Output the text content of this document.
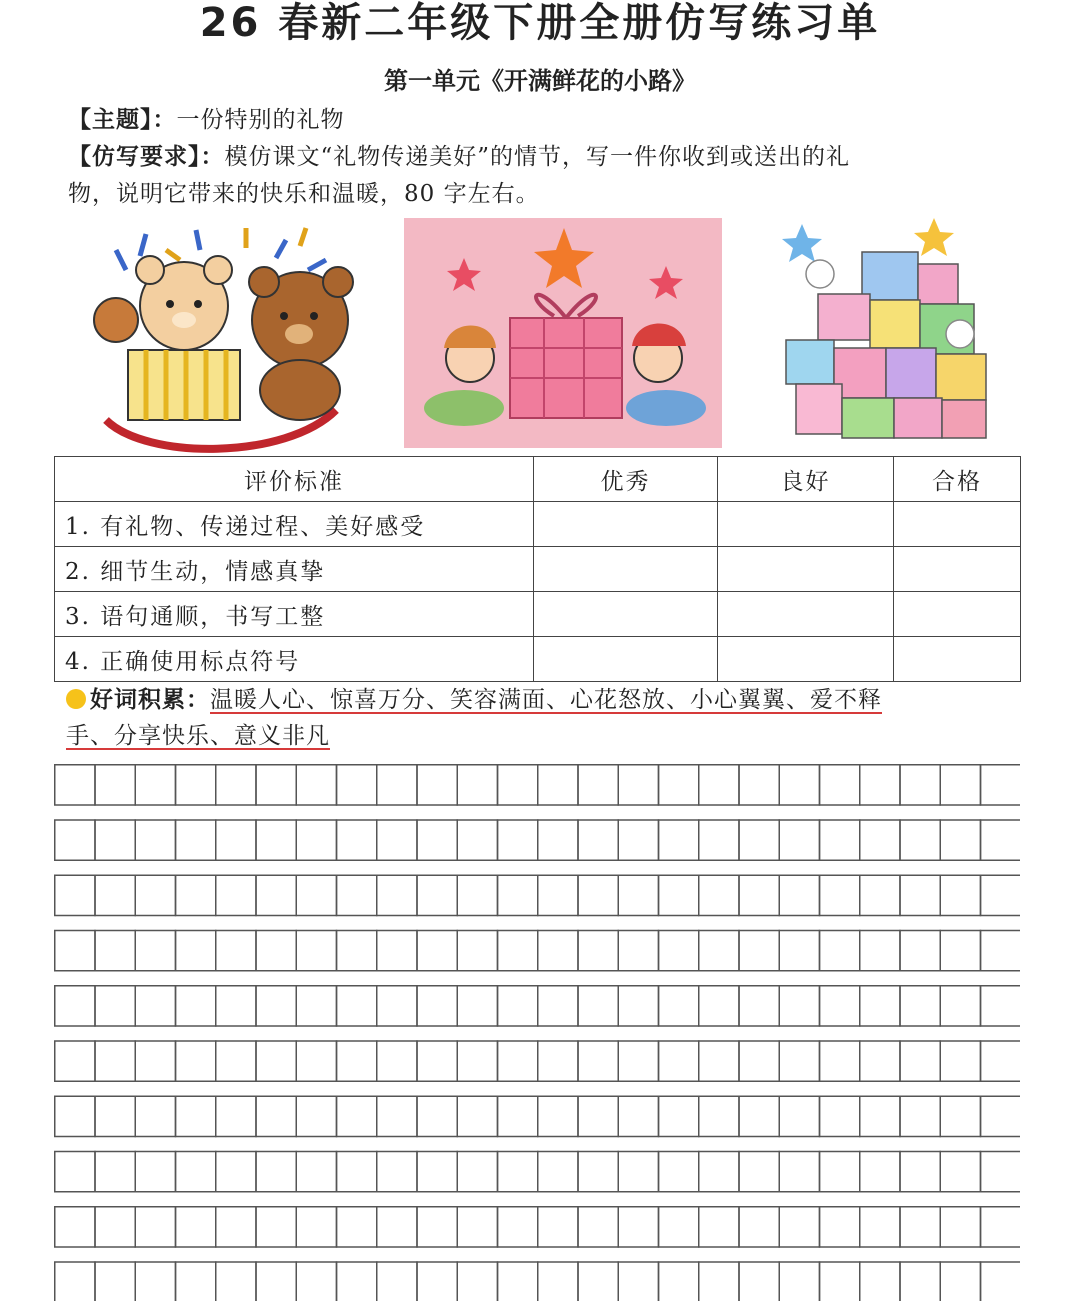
26 春新二年级下册全册仿写练习单
第一单元《开满鲜花的小路》
【主题】：一份特别的礼物
【仿写要求】：模仿课文“礼物传递美好”的情节，写一件你收到或送出的礼
物，说明它带来的快乐和温暖，80 字左右。
评价标准	优秀	良好	合格
1. 有礼物、传递过程、美好感受			
2. 细节生动，情感真挚			
3. 语句通顺，书写工整			
4. 正确使用标点符号			
好词积累：温暖人心、惊喜万分、笑容满面、心花怒放、小心翼翼、爱不释
手、分享快乐、意义非凡
